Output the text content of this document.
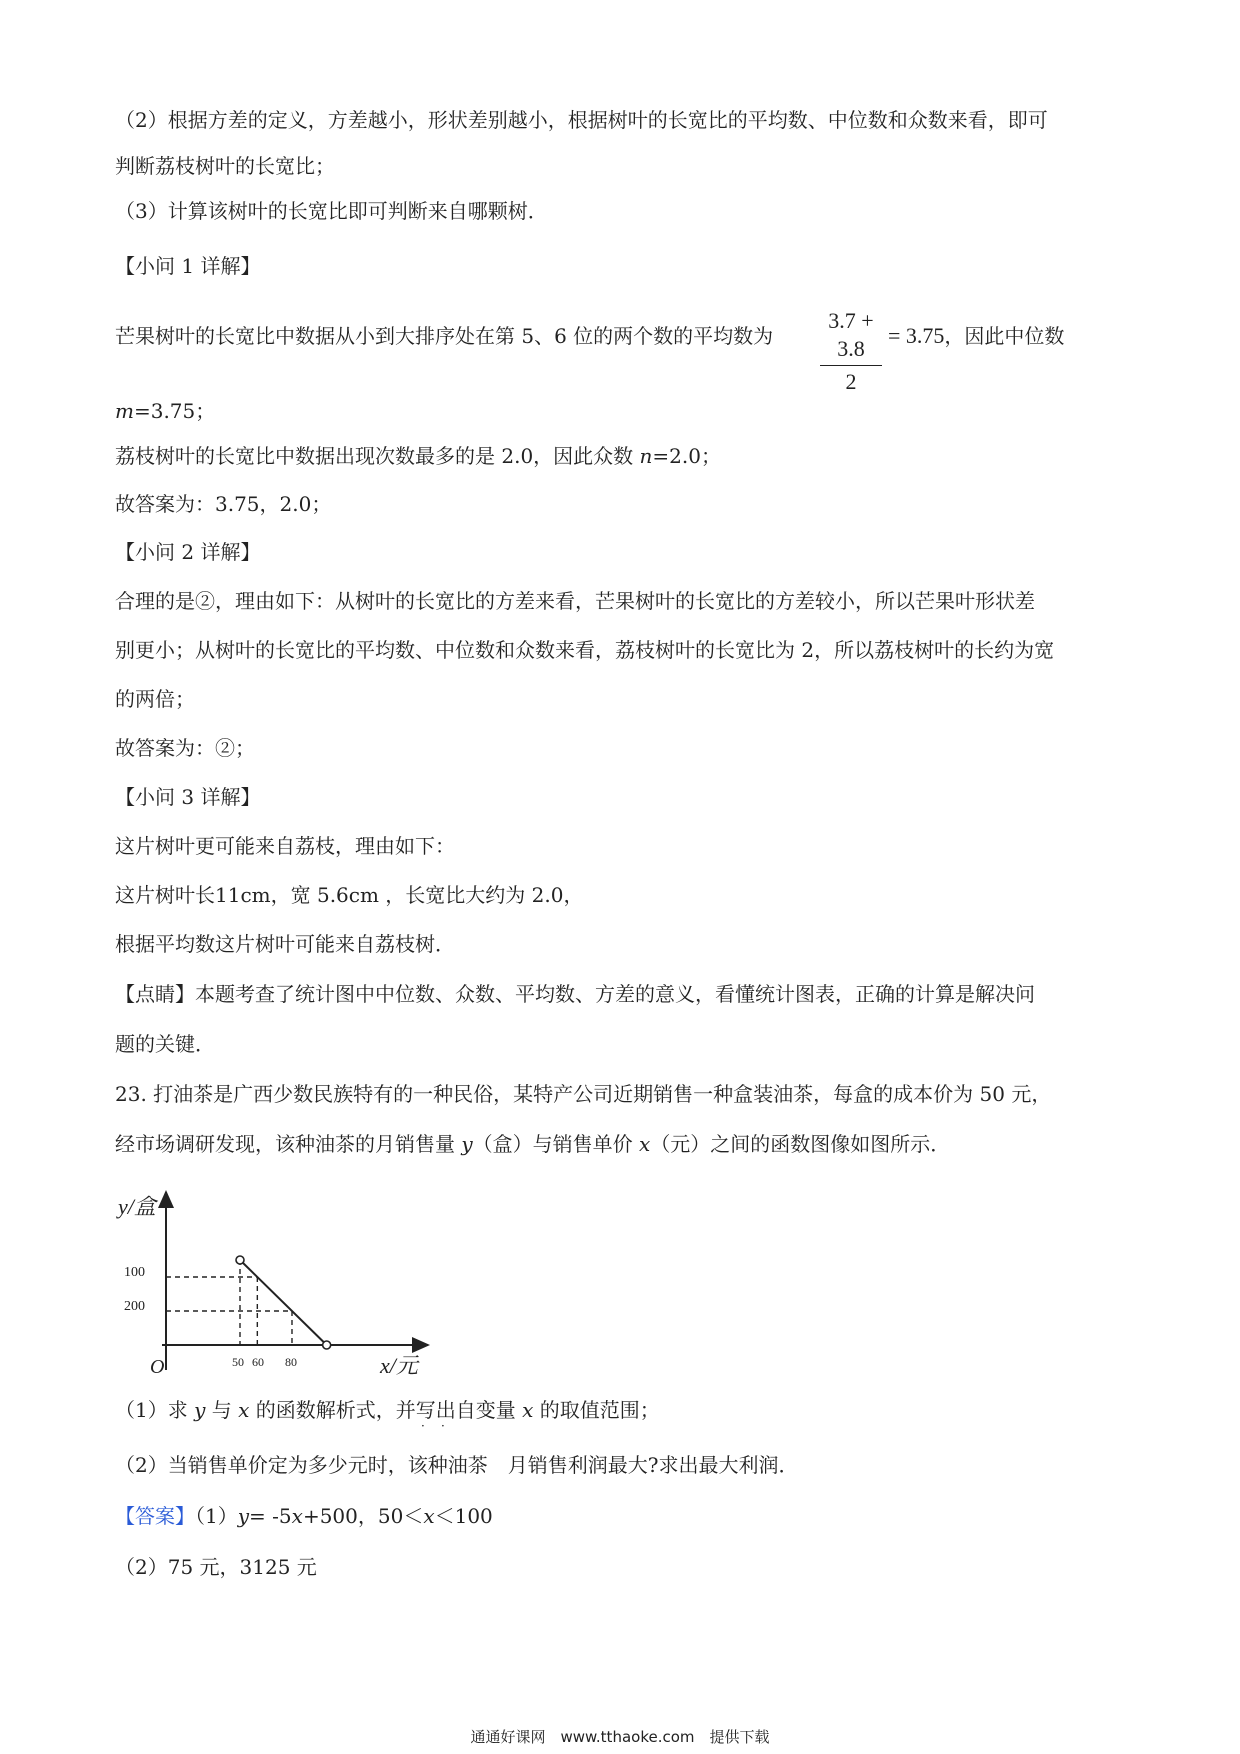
（2）根据方差的定义，方差越小，形状差别越小，根据树叶的长宽比的平均数、中位数和众数来看，即可
判断荔枝树叶的长宽比；
（3）计算该树叶的长宽比即可判断来自哪颗树．
【小问 1 详解】
芒果树叶的长宽比中数据从小到大排序处在第 5、6 位的两个数的平均数为 $\frac{3.7 + 3.8}{2} = 3.75$，因此中位数
m=3.75；
荔枝树叶的长宽比中数据出现次数最多的是 2.0，因此众数 n=2.0；
故答案为：3.75，2.0；
【小问 2 详解】
合理的是②，理由如下：从树叶的长宽比的方差来看，芒果树叶的长宽比的方差较小，所以芒果叶形状差
别更小；从树叶的长宽比的平均数、中位数和众数来看，荔枝树叶的长宽比为 2，所以荔枝树叶的长约为宽
的两倍；
故答案为：②；
【小问 3 详解】
这片树叶更可能来自荔枝，理由如下：
这片树叶长11cm，宽 5.6cm ，长宽比大约为 2.0，
根据平均数这片树叶可能来自荔枝树．
【点睛】本题考查了统计图中中位数、众数、平均数、方差的意义，看懂统计图表，正确的计算是解决问
题的关键．
23. 打油茶是广西少数民族特有的一种民俗，某特产公司近期销售一种盒装油茶，每盒的成本价为 50 元，
经市场调研发现，该种油茶的月销售量 y（盒）与销售单价 x（元）之间的函数图像如图所示．
y/盒
x/元
O
200
100
50 60 80
（1）求 y 与 x 的函数解析式，并写出自变量 x 的取值范围；
· ·
（2）当销售单价定为多少元时，该种油茶　月销售利润最大?求出最大利润．
【答案】（1）y= -5x+500，50＜x＜100
（2）75 元，3125 元
通通好课网　www.tthaoke.com　提供下载
